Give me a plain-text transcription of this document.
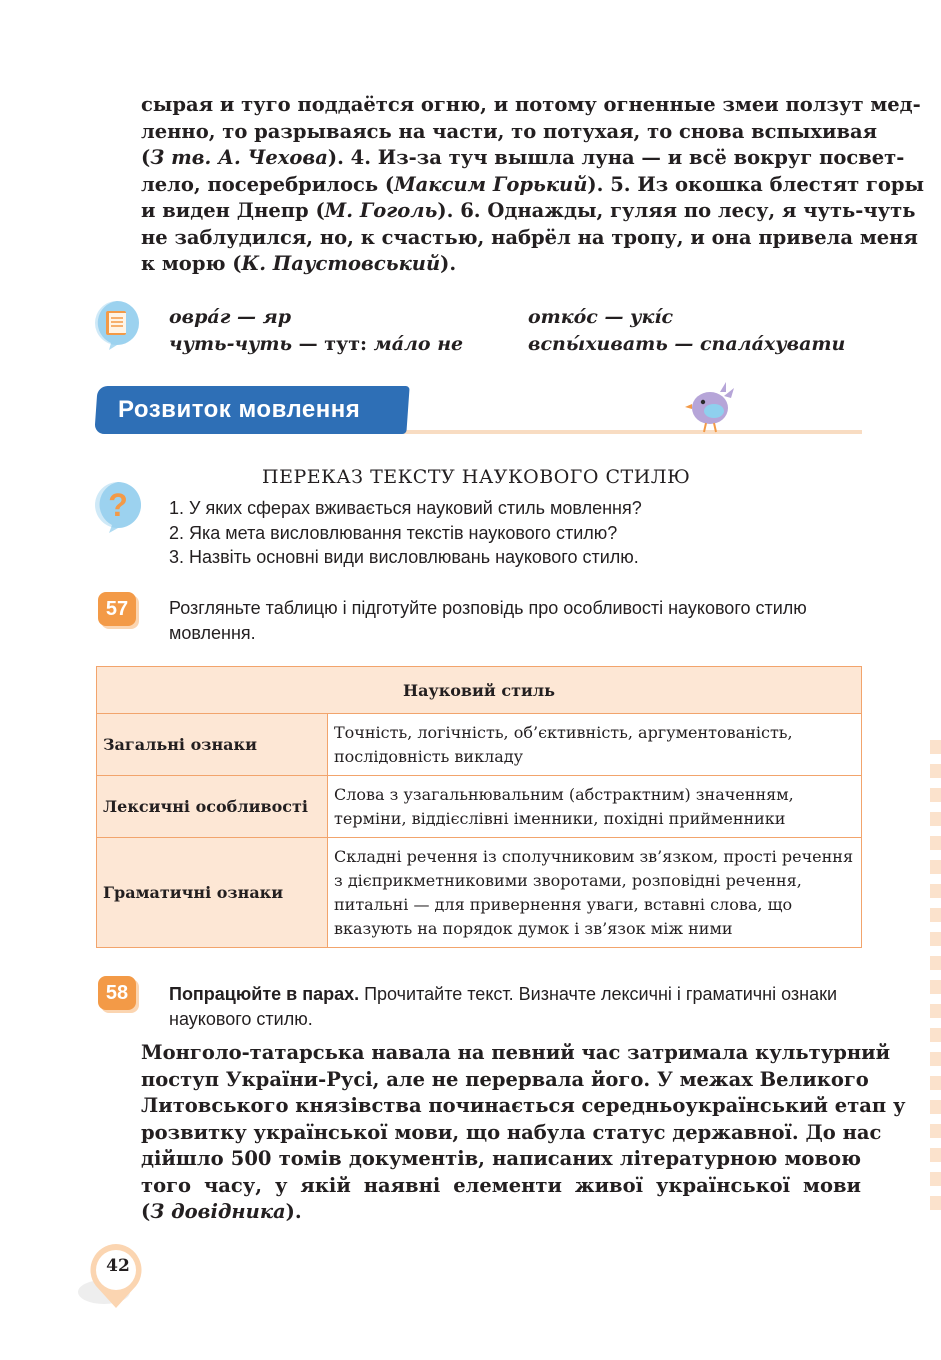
сырая и туго поддаётся огню, и потому огненные змеи ползут мед-
ленно, то разрываясь на части, то потухая, то снова вспыхивая
(З тв. А. Чехова). 4. Из-за туч вышла луна — и всё вокруг посвет-
лело, посеребрилось (Максим Горький). 5. Из окошка блестят горы
и виден Днепр (М. Гоголь). 6. Однажды, гуляя по лесу, я чуть-чуть
не заблудился, но, к счастью, набрёл на тропу, и она привела меня
к морю (К. Паустовський).
овра́г — яр
чуть-чуть — тут: ма́ло не
отко́с — укі́с
вспы́хивать — спала́хувати
Розвиток мовлення
ПЕРЕКАЗ ТЕКСТУ НАУКОВОГО СТИЛЮ
? 1. У яких сферах вживається науковий стиль мовлення?
2. Яка мета висловлювання текстів наукового стилю?
3. Назвіть основні види висловлювань наукового стилю.
57	Розгляньте таблицю і підготуйте розповідь про особливості наукового стилю мовлення.
Науковий стиль	
Загальні ознаки	Точність, логічність, об’єктивність, аргументованість, послідовність викладу
Лексичні особливості	Слова з узагальнювальним (абстрактним) значенням, терміни, віддієслівні іменники, похідні прийменники
Граматичні ознаки	Складні речення із сполучниковим зв’язком, прості речення з дієприкметниковими зворотами, розповідні речення, питальні — для привернення уваги, вставні слова, що вказують на порядок думок і зв’язок між ними
58	Попрацюйте в парах. Прочитайте текст. Визначте лексичні і граматичні ознаки наукового стилю.
Монголо-татарська навала на певний час затримала культурний
поступ України-Русі, але не перервала його. У межах Великого
Литовського князівства починається середньоукраїнський етап у
розвитку української мови, що набула статус державної. До нас
дійшло 500 томів документів, написаних літературною мовою
того часу, у якій наявні елементи живої української мови
(З довідника).
42
